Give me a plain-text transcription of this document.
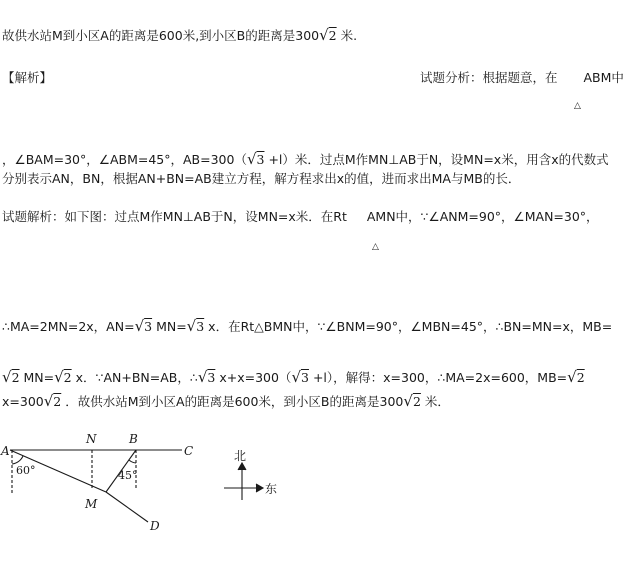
故供水站M到小区A的距离是600米,到小区B的距离是300√2 米.
【解析】	试题分析：根据题意，在 ABM中
△
，∠BAM=30°，∠ABM=45°，AB=300（√3 +l）米．过点M作MN⊥AB于N，设MN=x米，用含x的代数式
分别表示AN，BN，根据AN+BN=AB建立方程，解方程求出x的值，进而求出MA与MB的长．
试题解析：如下图：过点M作MN⊥AB于N，设MN=x米．在Rt AMN中，∵∠ANM=90°，∠MAN=30°，
△
∴MA=2MN=2x，AN=√3 MN=√3 x．在Rt△BMN中，∵∠BNM=90°，∠MBN=45°，∴BN=MN=x，MB=
√2 MN=√2 x．∵AN+BN=AB，∴√3 x+x=300（√3 +l），解得：x=300，∴MA=2x=600，MB=√2
x=300√2 ．故供水站M到小区A的距离是600米，到小区B的距离是300√2 米．
A
N	B
C
M
D
60°	45°
北
东
